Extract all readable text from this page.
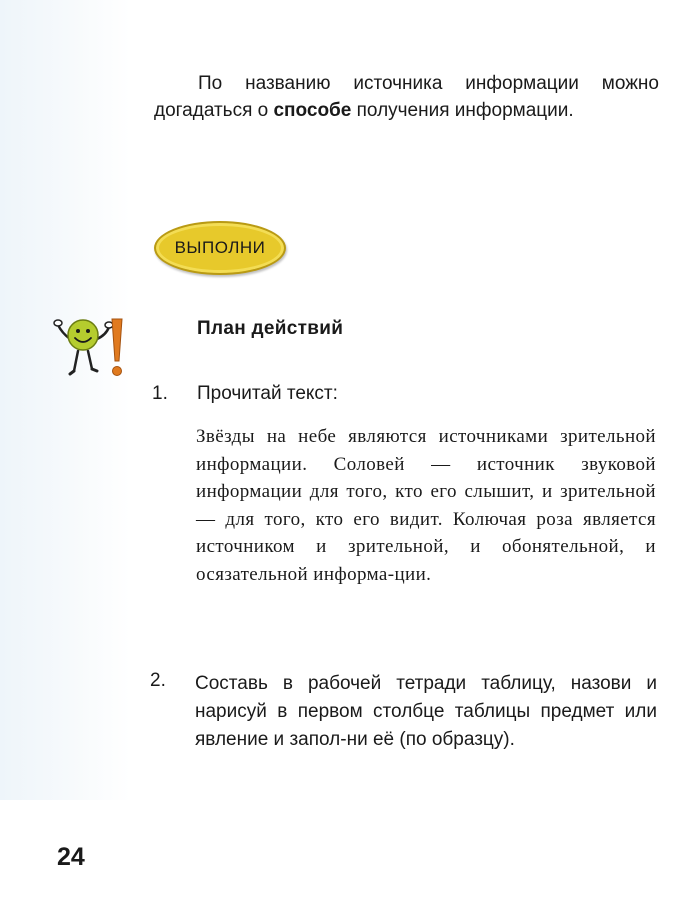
По названию источника информации можно догадаться о способе получения информации.
ВЫПОЛНИ
План действий
1. Прочитай текст:
Звёзды на небе являются источниками зрительной информации. Соловей — источник звуковой информации для того, кто его слышит, и зрительной — для того, кто его видит. Колючая роза является источником и зрительной, и обонятельной, и осязательной информа-ции.
2. Составь в рабочей тетради таблицу, назови и нарисуй в первом столбце таблицы предмет или явление и запол-ни её (по образцу).
24
